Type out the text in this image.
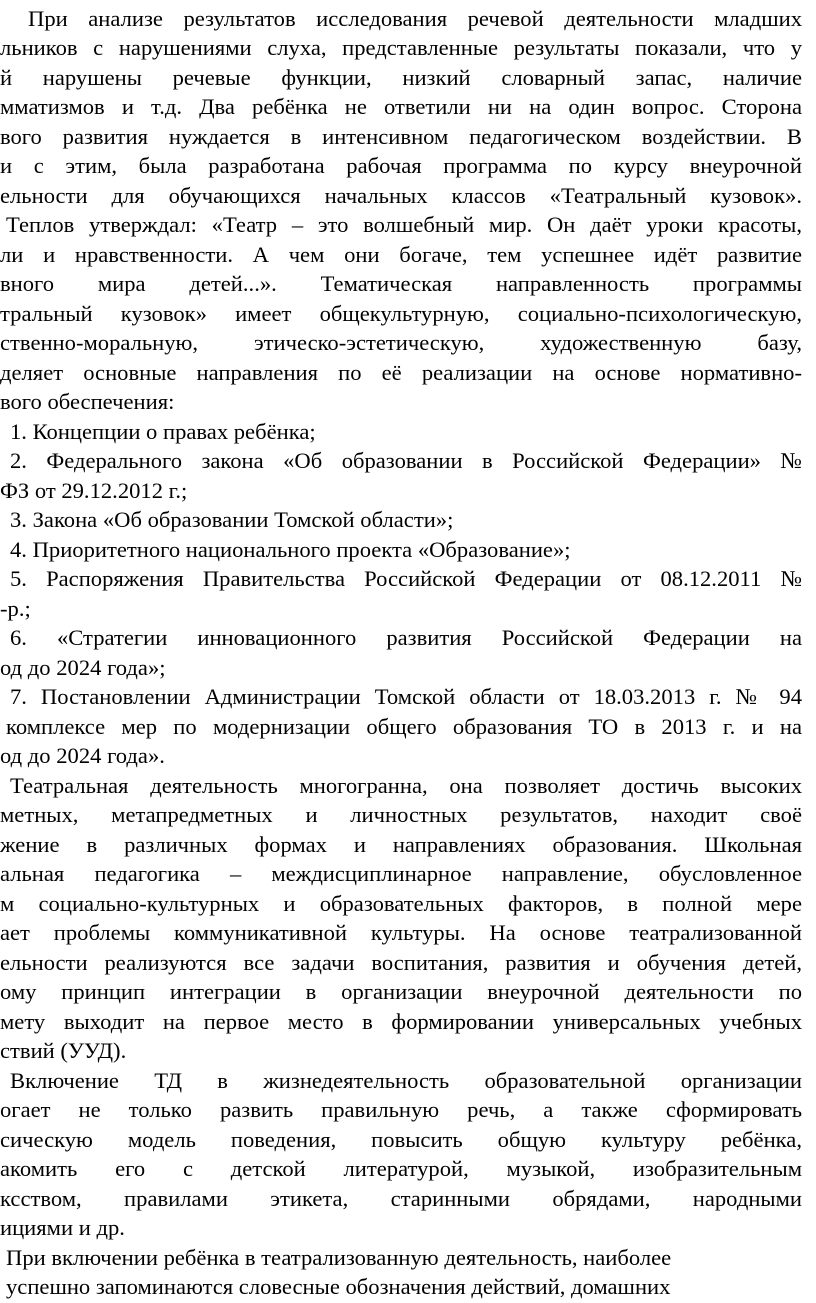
При анализе результатов исследования речевой деятельности младших
льников с нарушениями слуха, представленные результаты показали, что у
й нарушены речевые функции, низкий словарный запас, наличие
мматизмов и т.д. Два ребёнка не ответили ни на один вопрос. Сторона
вого развития нуждается в интенсивном педагогическом воздействии. В
и с этим, была разработана рабочая программа по курсу внеурочной
ельности для обучающихся начальных классов «Театральный кузовок».
Теплов утверждал: «Театр – это волшебный мир. Он даёт уроки красоты,
ли и нравственности. А чем они богаче, тем успешнее идёт развитие
вного мира детей...». Тематическая направленность программы
тральный кузовок» имеет общекультурную, социально-психологическую,
ственно-моральную, этическо-эстетическую, художественную базу,
деляет основные направления по её реализации на основе нормативно-
вого обеспечения:
1. Концепции о правах ребёнка;
2. Федерального закона «Об образовании в Российской Федерации» №
ФЗ от 29.12.2012 г.;
3. Закона «Об образовании Томской области»;
4. Приоритетного национального проекта «Образование»;
5. Распоряжения Правительства Российской Федерации от 08.12.2011 №
-р.;
6. «Стратегии инновационного развития Российской Федерации на
од до 2024 года»;
7. Постановлении Администрации Томской области от 18.03.2013 г. № 94
комплексе мер по модернизации общего образования ТО в 2013 г. и на
од до 2024 года».
Театральная деятельность многогранна, она позволяет достичь высоких
метных, метапредметных и личностных результатов, находит своё
жение в различных формах и направлениях образования. Школьная
альная педагогика – междисциплинарное направление, обусловленное
м социально-культурных и образовательных факторов, в полной мере
ает проблемы коммуникативной культуры. На основе театрализованной
ельности реализуются все задачи воспитания, развития и обучения детей,
ому принцип интеграции в организации внеурочной деятельности по
мету выходит на первое место в формировании универсальных учебных
ствий (УУД).
Включение ТД в жизнедеятельность образовательной организации
огает не только развить правильную речь, а также сформировать
сическую модель поведения, повысить общую культуру ребёнка,
акомить его с детской литературой, музыкой, изобразительным
ксством, правилами этикета, старинными обрядами, народными
ициями и др.
При включении ребёнка в театрализованную деятельность, наиболее
успешно запоминаются словесные обозначения действий, домашних
